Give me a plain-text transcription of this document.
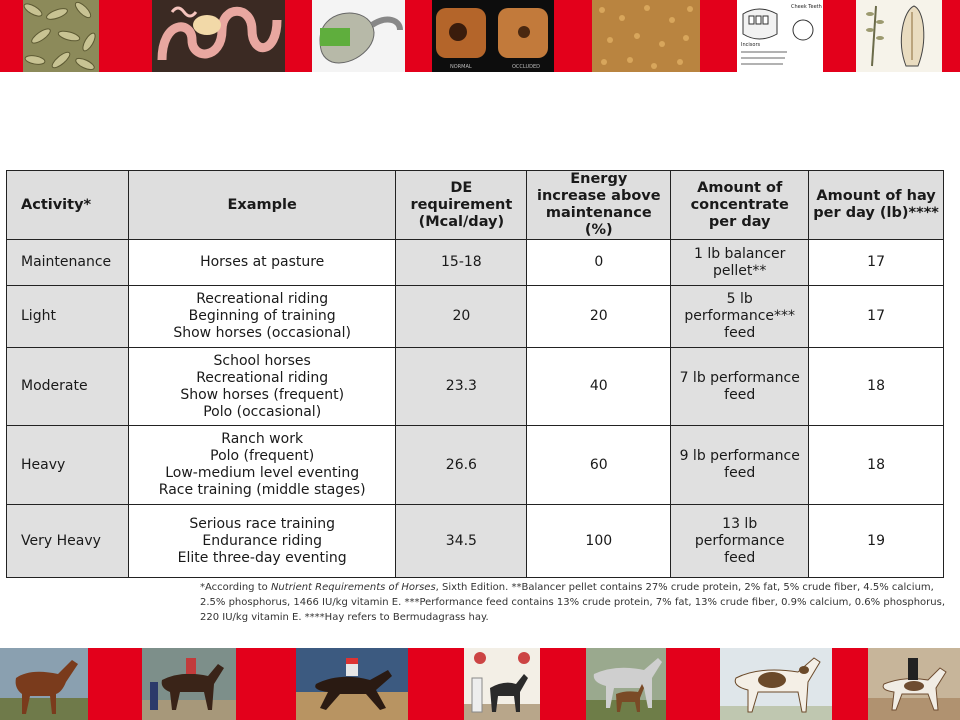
NORMAL	OCCLUDED
Cheek Teeth
Incisors
Activity*	Example	DE
requirement
(Mcal/day)	Energy
increase above
maintenance (%)	Amount of
concentrate
per day	Amount of hay
per day (lb)****

Maintenance	Horses at pasture	15-18	0	1 lb balancer
pellet**	17
Light	Recreational riding
Beginning of training
Show horses (occasional)	20	20	5 lb
performance***
feed	17
Moderate	School horses
Recreational riding
Show horses (frequent)
Polo (occasional)	23.3	40	7 lb performance
feed	18
Heavy	Ranch work
Polo (frequent)
Low-medium level eventing
Race training (middle stages)	26.6	60	9 lb performance
feed	18
Very Heavy	Serious race training
Endurance riding
Elite three-day eventing	34.5	100	13 lb performance
feed	19
*According to Nutrient Requirements of Horses, Sixth Edition. **Balancer pellet contains 27% crude protein, 2% fat, 5% crude fiber, 4.5% calcium, 2.5% phosphorus, 1466 IU/kg vitamin E. ***Performance feed contains 13% crude protein, 7% fat, 13% crude fiber, 0.9% calcium, 0.6% phosphorus, 220 IU/kg vitamin E. ****Hay refers to Bermudagrass hay.
